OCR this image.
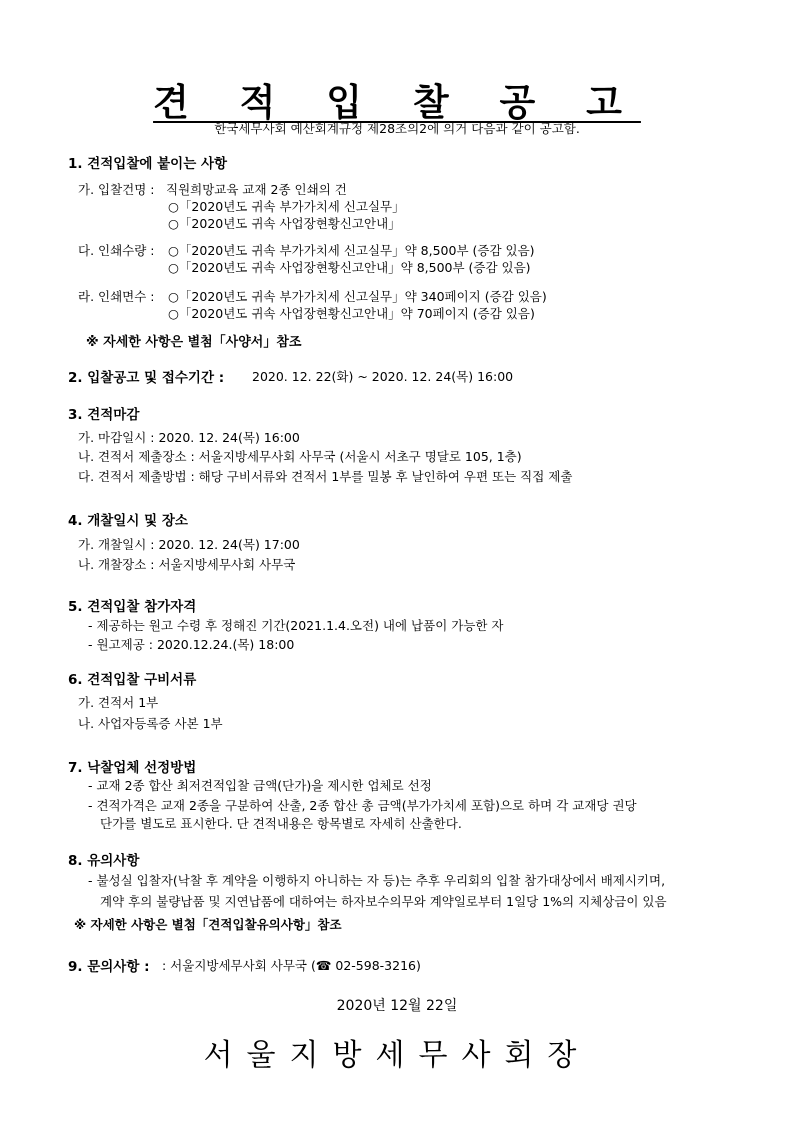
견 적 입 찰 공 고
한국세무사회 예산회계규정 제28조의2에 의거 다음과 같이 공고함.
1. 견적입찰에 붙이는 사항
가. 입찰건명 : 직원희망교육 교재 2종 인쇄의 건
○「2020년도 귀속 부가가치세 신고실무」
○「2020년도 귀속 사업장현황신고안내」
다. 인쇄수량 : ○「2020년도 귀속 부가가치세 신고실무」약 8,500부 (증감 있음)
○「2020년도 귀속 사업장현황신고안내」약 8,500부 (증감 있음)
라. 인쇄면수 : ○「2020년도 귀속 부가가치세 신고실무」약 340페이지 (증감 있음)
○「2020년도 귀속 사업장현황신고안내」약 70페이지 (증감 있음)
※ 자세한 사항은 별첨「사양서」참조
2. 입찰공고 및 접수기간 : 2020. 12. 22(화) ~ 2020. 12. 24(목) 16:00
3. 견적마감
가. 마감일시 : 2020. 12. 24(목) 16:00
나. 견적서 제출장소 : 서울지방세무사회 사무국 (서울시 서초구 명달로 105, 1층)
다. 견적서 제출방법 : 해당 구비서류와 견적서 1부를 밀봉 후 날인하여 우편 또는 직접 제출
4. 개찰일시 및 장소
가. 개찰일시 : 2020. 12. 24(목) 17:00
나. 개찰장소 : 서울지방세무사회 사무국
5. 견적입찰 참가자격
- 제공하는 원고 수령 후 정해진 기간(2021.1.4.오전) 내에 납품이 가능한 자
- 원고제공 : 2020.12.24.(목) 18:00
6. 견적입찰 구비서류
가. 견적서 1부
나. 사업자등록증 사본 1부
7. 낙찰업체 선정방법
- 교재 2종 합산 최저견적입찰 금액(단가)을 제시한 업체로 선정
- 견적가격은 교재 2종을 구분하여 산출, 2종 합산 총 금액(부가가치세 포함)으로 하며 각 교재당 권당
단가를 별도로 표시한다. 단 견적내용은 항목별로 자세히 산출한다.
8. 유의사항
- 불성실 입찰자(낙찰 후 계약을 이행하지 아니하는 자 등)는 추후 우리회의 입찰 참가대상에서 배제시키며,
계약 후의 불량납품 및 지연납품에 대하여는 하자보수의무와 계약일로부터 1일당 1%의 지체상금이 있음
※ 자세한 사항은 별첨「견적입찰유의사항」참조
9. 문의사항 : : 서울지방세무사회 사무국 (☎ 02-598-3216)
2020년 12월 22일
서울지방세무사회장
